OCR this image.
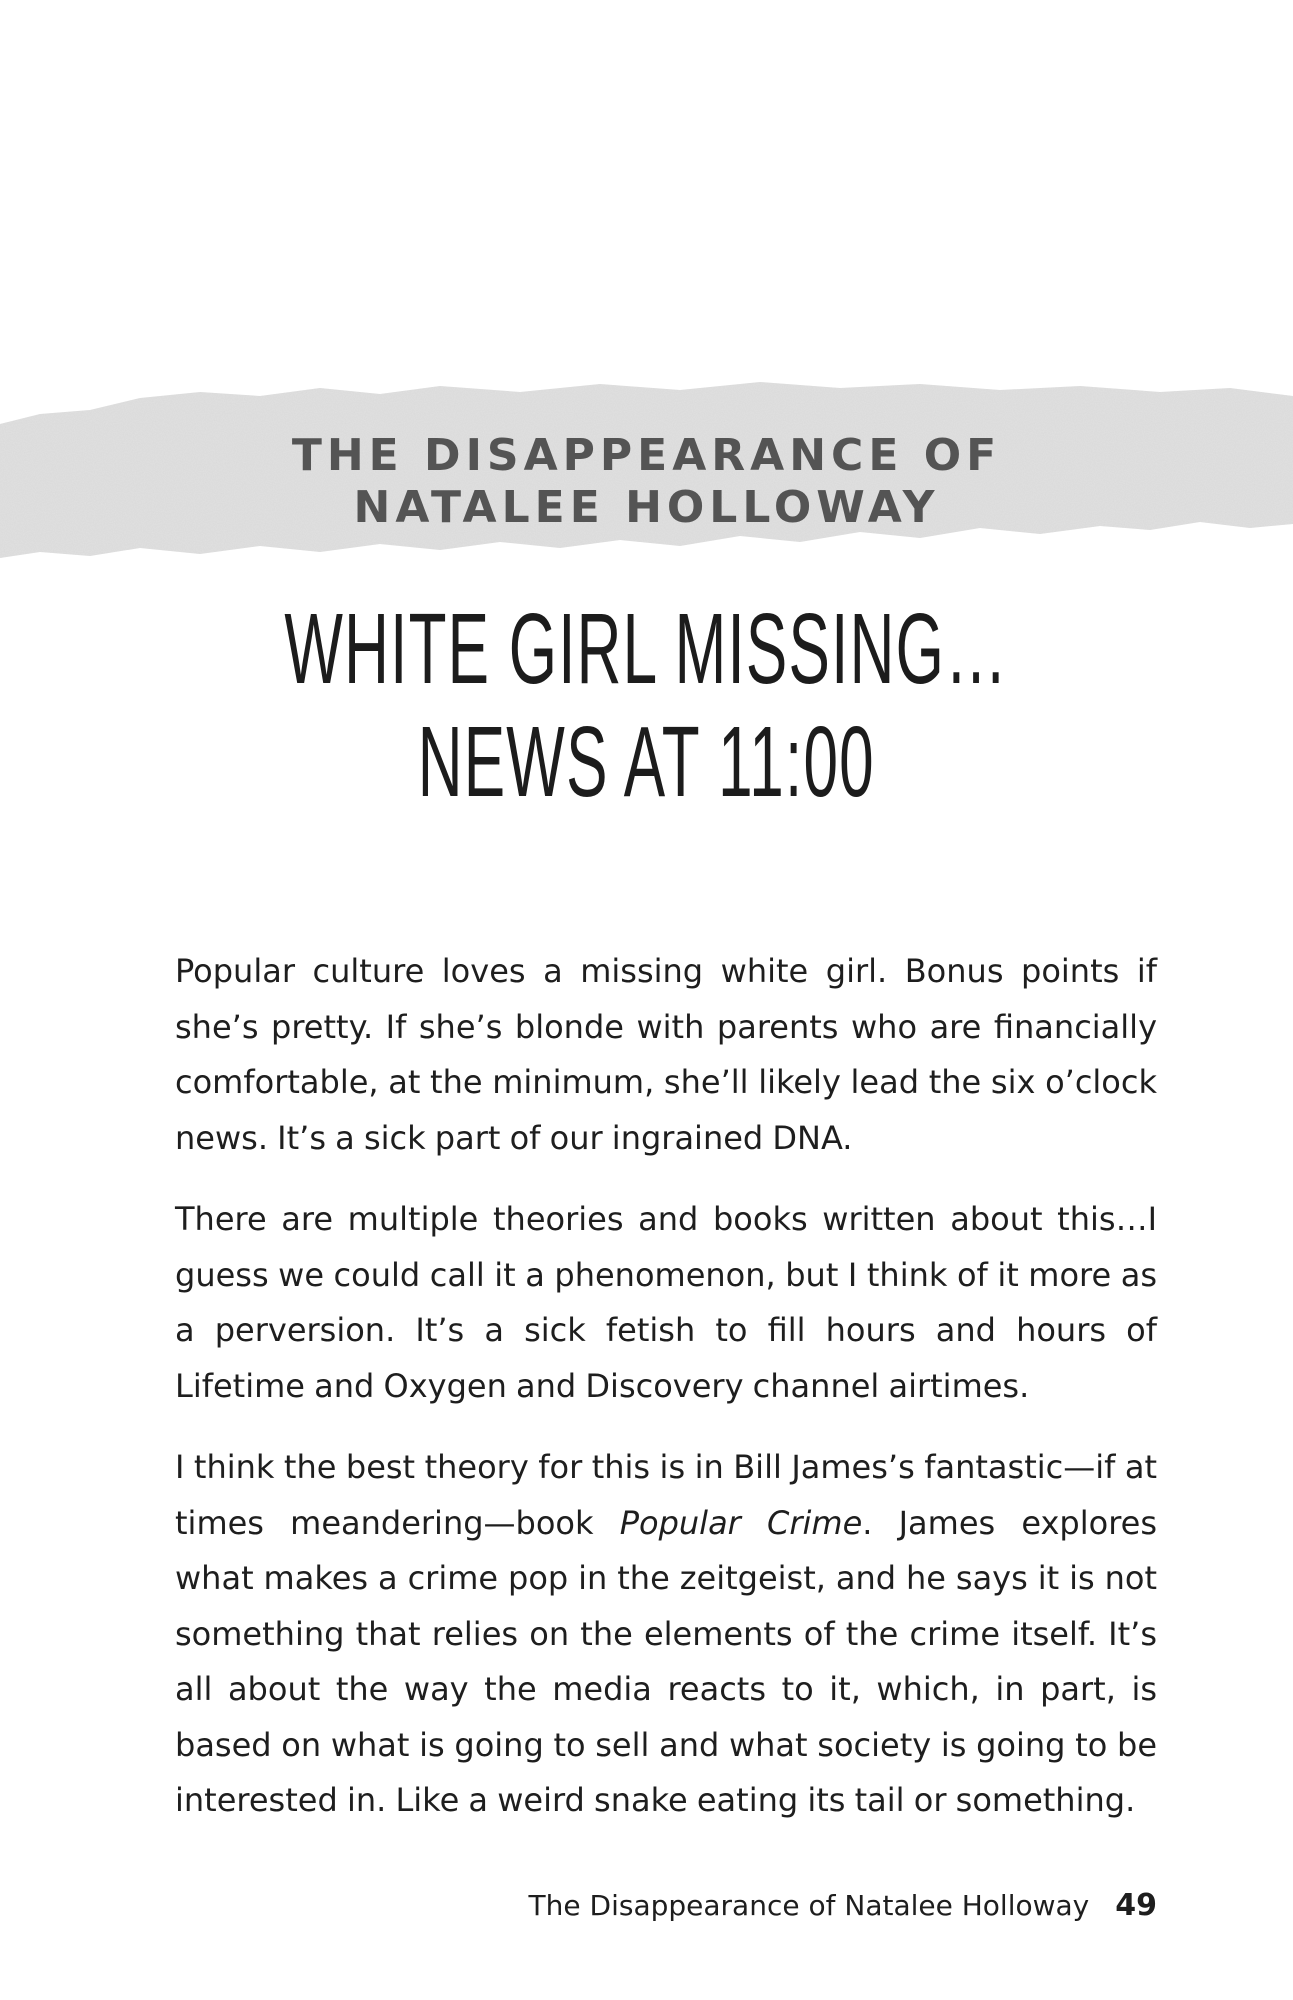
THE DISAPPEARANCE OF
NATALEE HOLLOWAY
WHITE GIRL MISSING…
NEWS AT 11:00

Popular culture loves a missing white girl. Bonus points if she’s pretty. If she’s blonde with parents who are financially comfortable, at the minimum, she’ll likely lead the six o’clock news. It’s a sick part of our ingrained DNA.

There are multiple theories and books written about this…I guess we could call it a phenomenon, but I think of it more as a perversion. It’s a sick fetish to fill hours and hours of Lifetime and Oxygen and Discovery channel airtimes.

I think the best theory for this is in Bill James’s fantastic—if at times meandering—book Popular Crime. James explores what makes a crime pop in the zeitgeist, and he says it is not something that relies on the elements of the crime itself. It’s all about the way the media reacts to it, which, in part, is based on what is going to sell and what society is going to be interested in. Like a weird snake eating its tail or something.

The Disappearance of Natalee Holloway 49
